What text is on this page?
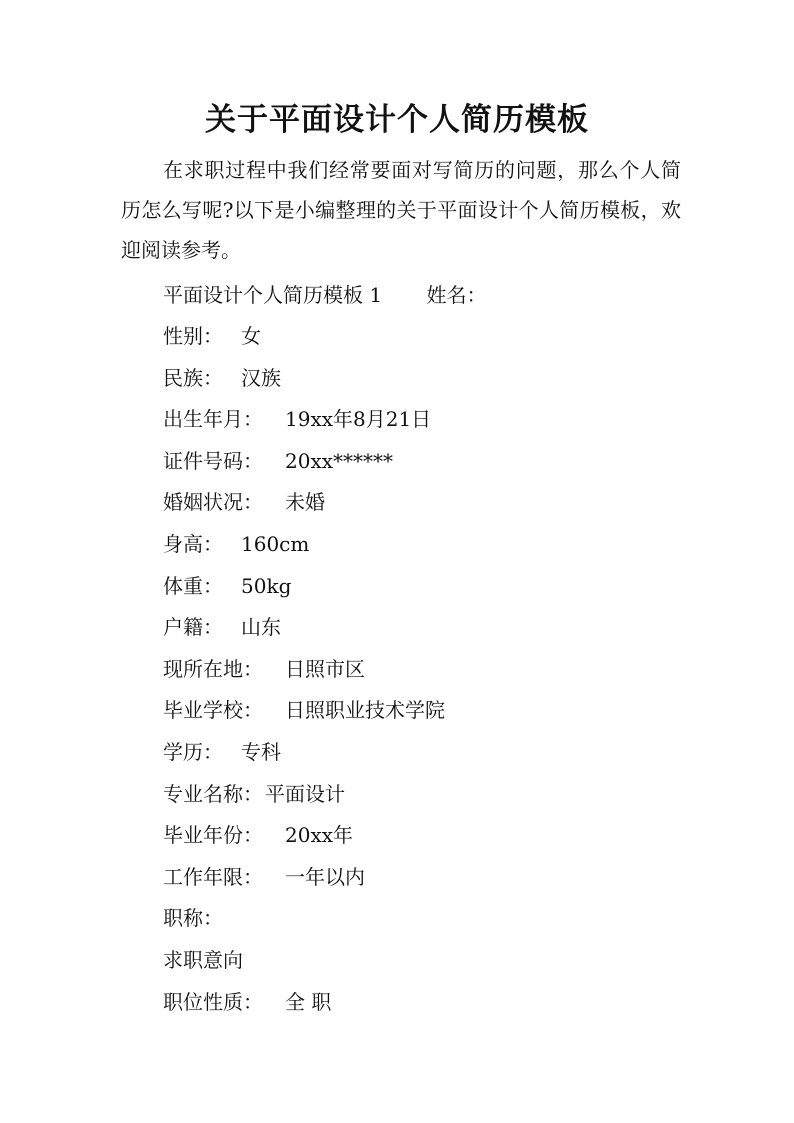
关于平面设计个人简历模板
在求职过程中我们经常要面对写简历的问题，那么个人简历怎么写呢?以下是小编整理的关于平面设计个人简历模板，欢迎阅读参考。
平面设计个人简历模板 1 姓名：
性别： 女
民族： 汉族
出生年月： 19xx年8月21日
证件号码： 20xx******
婚姻状况： 未婚
身高： 160cm
体重： 50kg
户籍： 山东
现所在地： 日照市区
毕业学校： 日照职业技术学院
学历： 专科
专业名称： 平面设计
毕业年份： 20xx年
工作年限： 一年以内
职称：
求职意向
职位性质： 全 职
